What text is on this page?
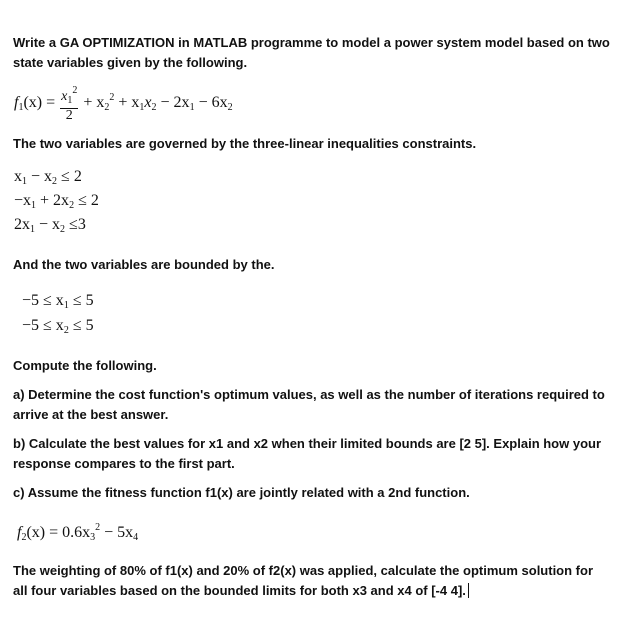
Write a GA OPTIMIZATION in MATLAB programme to model a power system model based on two state variables given by the following.

$f_1(x) = \frac{x_1^2}{2} + x_2^2 + x_1x_2 - 2x_1 - 6x_2$

The two variables are governed by the three-linear inequalities constraints.

$x_1 - x_2 \le 2$
$-x_1 + 2x_2 \le 2$
$2x_1 - x_2 \le 3$

And the two variables are bounded by the.

$-5 \le x_1 \le 5$
$-5 \le x_2 \le 5$

Compute the following.

a) Determine the cost function's optimum values, as well as the number of iterations required to arrive at the best answer.

b) Calculate the best values for x1 and x2 when their limited bounds are [2 5]. Explain how your response compares to the first part.

c) Assume the fitness function f1(x) are jointly related with a 2nd function.

$f_2(x) = 0.6x_3^2 - 5x_4$

The weighting of 80% of f1(x) and 20% of f2(x) was applied, calculate the optimum solution for all four variables based on the bounded limits for both x3 and x4 of [-4 4].
